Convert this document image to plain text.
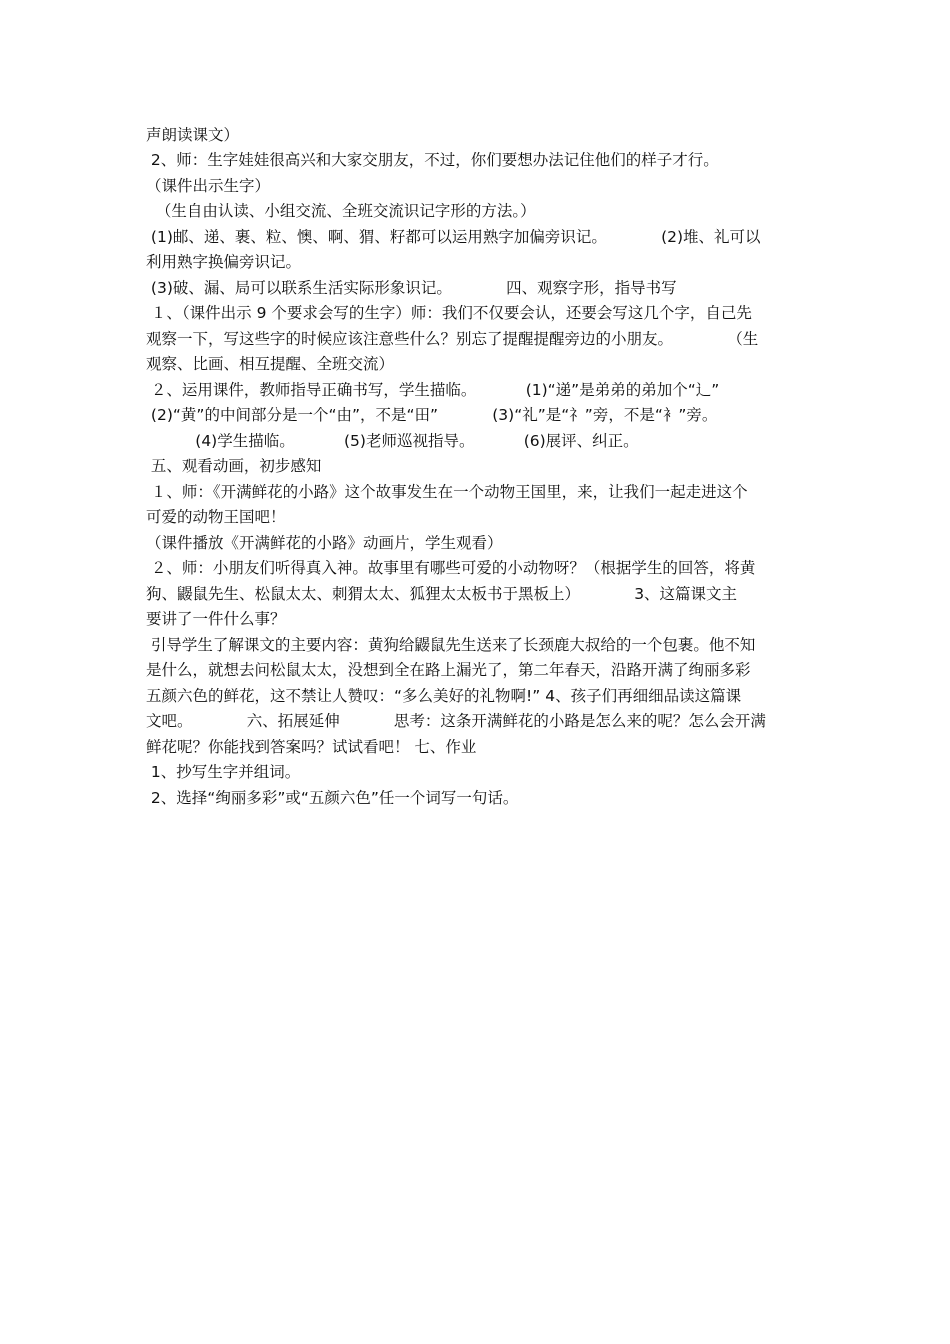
声朗读课文）
2、师：生字娃娃很高兴和大家交朋友，不过，你们要想办法记住他们的样子才行。
（课件出示生字）
（生自由认读、小组交流、全班交流识记字形的方法。）
(1)邮、递、裹、粒、懊、啊、猬、籽都可以运用熟字加偏旁识记。           (2)堆、礼可以
利用熟字换偏旁识记。
(3)破、漏、局可以联系生活实际形象识记。           四、观察字形，指导书写
１、（课件出示 9 个要求会写的生字）师：我们不仅要会认，还要会写这几个字，自己先
观察一下，写这些字的时候应该注意些什么？别忘了提醒提醒旁边的小朋友。           （生
观察、比画、相互提醒、全班交流）
２、运用课件，教师指导正确书写，学生描临。          (1)“递”是弟弟的弟加个“辶”
(2)“黄”的中间部分是一个“由”，不是“田”           (3)“礼”是“礻”旁，不是“衤”旁。
(4)学生描临。          (5)老师巡视指导。          (6)展评、纠正。
五、观看动画，初步感知
１、师：《开满鲜花的小路》这个故事发生在一个动物王国里，来，让我们一起走进这个
可爱的动物王国吧！
（课件播放《开满鲜花的小路》动画片，学生观看）
２、师：小朋友们听得真入神。故事里有哪些可爱的小动物呀？（根据学生的回答，将黄
狗、鼹鼠先生、松鼠太太、刺猬太太、狐狸太太板书于黑板上）           3、这篇课文主
要讲了一件什么事？
引导学生了解课文的主要内容：黄狗给鼹鼠先生送来了长颈鹿大叔给的一个包裹。他不知
是什么，就想去问松鼠太太，没想到全在路上漏光了，第二年春天，沿路开满了绚丽多彩
五颜六色的鲜花，这不禁让人赞叹：“多么美好的礼物啊!” 4、孩子们再细细品读这篇课
文吧。           六、拓展延伸           思考：这条开满鲜花的小路是怎么来的呢？怎么会开满
鲜花呢？你能找到答案吗？试试看吧！ 七、作业
1、抄写生字并组词。
2、选择“绚丽多彩”或“五颜六色”任一个词写一句话。
